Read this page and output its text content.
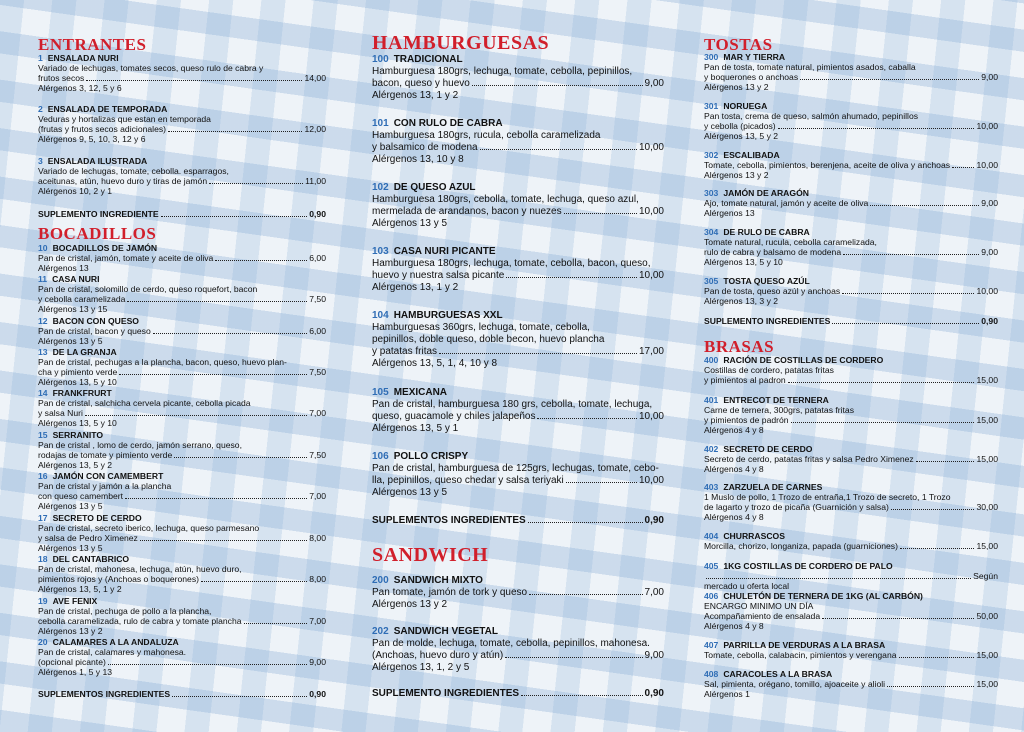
ENTRANTES
1 ENSALADA NURI
Variado de lechugas, tomates secos, queso rulo de cabra y
frutos secos	14,00
Alérgenos 3, 12, 5 y 6
2 ENSALADA DE TEMPORADA
Veduras y hortalizas que estan en temporada
(frutas y frutos secos adicionales)	12,00
Alérgenos 9, 5, 10, 3, 12 y 6
3 ENSALADA ILUSTRADA
Variado de lechugas, tomate, cebolla. esparragos,
aceitunas, atún, huevo duro y tiras de jamón	11,00
Alérgenos 10, 2 y 1
SUPLEMENTO INGREDIENTE	0,90
BOCADILLOS
10 BOCADILLOS DE JAMÓN
Pan de cristal, jamón, tomate y aceite de oliva	6,00
Alérgenos 13
11 CASA NURI
Pan de cristal, solomillo de cerdo, queso roquefort, bacon
y cebolla caramelizada	7,50
Alérgenos 13 y 15
12 BACON CON QUESO
Pan de cristal, bacon y queso	6,00
Alérgenos 13 y 5
13 DE LA GRANJA
Pan de cristal, pechugas a la plancha, bacon, queso, huevo plan-
cha y pimiento verde	7,50
Alérgenos 13, 5 y 10
14 FRANKFRURT
Pan de cristal, salchicha cervela picante, cebolla picada
y salsa Nuri	7,00
Alérgenos 13, 5 y 10
15 SERRANITO
Pan de cristal , lomo de cerdo, jamón serrano, queso,
rodajas de tomate y pimiento verde	7,50
Alérgenos 13, 5 y 2
16 JAMÓN CON CAMEMBERT
Pan de cristal y jamón a la plancha
con queso camembert	7,00
Alérgenos 13 y 5
17 SECRETO DE CERDO
Pan de cristal, secreto iberico, lechuga, queso parmesano
y salsa de Pedro Ximenez	8,00
Alérgenos 13 y 5
18 DEL CANTABRICO
Pan de cristal, mahonesa, lechuga, atún, huevo duro,
pimientos rojos y (Anchoas o boquerones)	8,00
Alérgenos 13, 5, 1 y 2
19 AVE FENIX
Pan de cristal, pechuga de pollo a la plancha,
cebolla caramelizada, rulo de cabra y tomate plancha	7,00
Alérgenos 13 y 2
20 CALAMARES A LA ANDALUZA
Pan de cristal, calamares y mahonesa.
(opcional picante)	9,00
Alérgenos 1, 5 y 13
SUPLEMENTOS INGREDIENTES	0,90
HAMBURGUESAS
100 TRADICIONAL
Hamburguesa 180grs, lechuga, tomate, cebolla, pepinillos,
bacon, queso y huevo	9,00
Alérgenos 13, 1 y 2
101 CON RULO DE CABRA
Hamburguesa 180grs, rucula, cebolla caramelizada
y balsamico de modena	10,00
Alérgenos 13, 10 y 8
102 DE QUESO AZUL
Hamburguesa 180grs, cebolla, tomate, lechuga, queso azul,
mermelada de arandanos, bacon y nuezes	10,00
Alérgenos 13 y 5
103 CASA NURI PICANTE
Hamburguesa 180grs, lechuga, tomate, cebolla, bacon, queso,
huevo y nuestra salsa picante	10,00
Alérgenos 13, 1 y 2
104 HAMBURGUESAS XXL
Hamburguesas 360grs, lechuga, tomate, cebolla,
pepinillos, doble queso, doble becon, huevo plancha
y patatas fritas	17,00
Alérgenos 13, 5, 1, 4, 10 y 8
105 MEXICANA
Pan de cristal, hamburguesa 180 grs, cebolla, tomate, lechuga,
queso, guacamole y chiles jalapeños	10,00
Alérgenos 13, 5 y 1
106 POLLO CRISPY
Pan de cristal, hamburguesa de 125grs, lechugas, tomate, cebo-
lla, pepinillos, queso chedar y salsa teriyaki	10,00
Alérgenos 13 y 5
SUPLEMENTOS INGREDIENTES	0,90
SANDWICH
200 SANDWICH MIXTO
Pan tomate, jamón de tork y queso	7,00
Alérgenos 13 y 2
202 SANDWICH VEGETAL
Pan de molde, lechuga, tomate, cebolla, pepinillos, mahonesa.
(Anchoas, huevo duro y atún)	9,00
Alérgenos 13, 1, 2 y 5
SUPLEMENTO INGREDIENTES	0,90
TOSTAS
300 MAR Y TIERRA
Pan de tosta, tomate natural, pimientos asados, caballa
y boquerones o anchoas	9,00
Alérgenos 13 y 2
301 NORUEGA
Pan tosta, crema de queso, salmón ahumado, pepinillos
y cebolla (picados)	10,00
Alérgenos 13, 5 y 2
302 ESCALIBADA
Tomate, cebolla, pimientos, berenjena, aceite de oliva y anchoas	10,00
Alérgenos 13 y 2
303 JAMÓN DE ARAGÓN
Ajo, tomate natural, jamón y aceite de oliva	9,00
Alérgenos 13
304 DE RULO DE CABRA
Tomate natural, rucula, cebolla caramelizada,
rulo de cabra y balsamo de modena	9,00
Alérgenos 13, 5 y 10
305 TOSTA QUESO AZÚL
Pan de tosta, queso azúl y anchoas	10,00
Alérgenos 13, 3 y 2
SUPLEMENTO INGREDIENTES	0,90
BRASAS
400 RACIÓN DE COSTILLAS DE CORDERO
Costillas de cordero, patatas fritas
y pimientos al padron	15,00
401 ENTRECOT DE TERNERA
Carne de ternera, 300grs, patatas fritas
y pimientos de padrón	15,00
Alérgenos 4 y 8
402 SECRETO DE CERDO
Secreto de cerdo, patatas fritas y salsa Pedro Ximenez	15,00
Alérgenos 4 y 8
403 ZARZUELA DE CARNES
1 Muslo de pollo, 1 Trozo de entraña,1 Trozo de secreto, 1 Trozo
de lagarto y trozo de picaña (Guarnición y salsa)	30,00
Alérgenos 4 y 8
404 CHURRASCOS
Morcilla, chorizo, longaniza, papada (guarniciones)	15,00
405 1KG COSTILLAS DE CORDERO DE PALO
Según
mercado u oferta local
406 CHULETÓN DE TERNERA DE 1KG (AL CARBÓN)
ENCARGO MINIMO UN DÍA
Acompañamiento de ensalada	50,00
Alérgenos 4 y 8
407 PARRILLA DE VERDURAS A LA BRASA
Tomate, cebolla, calabacin, pimientos y verengana	15,00
408 CARACOLES A LA BRASA
Sal, pimienta, orégano, tomillo, ajoaceite y alioli	15,00
Alérgenos 1
